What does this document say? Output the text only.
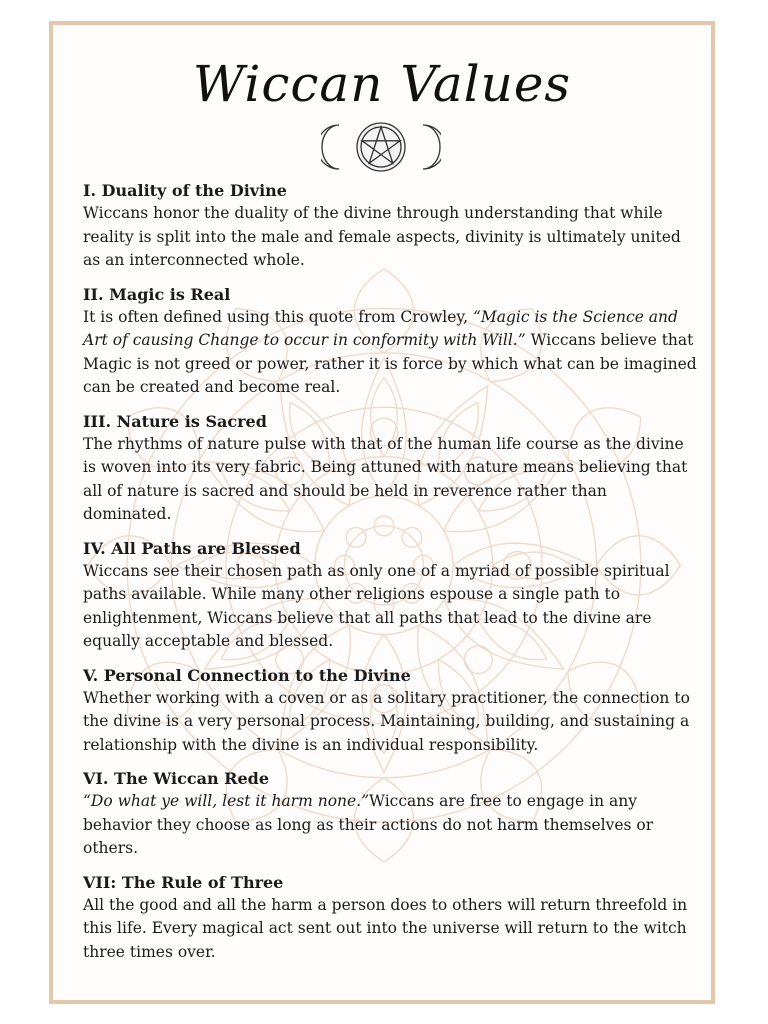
Wiccan Values
I. Duality of the Divine
Wiccans honor the duality of the divine through understanding that while reality is split into the male and female aspects, divinity is ultimately united as an interconnected whole.
II. Magic is Real
It is often defined using this quote from Crowley, “Magic is the Science and Art of causing Change to occur in conformity with Will.” Wiccans believe that Magic is not greed or power, rather it is force by which what can be imagined can be created and become real.
III. Nature is Sacred
The rhythms of nature pulse with that of the human life course as the divine is woven into its very fabric. Being attuned with nature means believing that all of nature is sacred and should be held in reverence rather than dominated.
IV. All Paths are Blessed
Wiccans see their chosen path as only one of a myriad of possible spiritual paths available. While many other religions espouse a single path to enlightenment, Wiccans believe that all paths that lead to the divine are equally acceptable and blessed.
V. Personal Connection to the Divine
Whether working with a coven or as a solitary practitioner, the connection to the divine is a very personal process. Maintaining, building, and sustaining a relationship with the divine is an individual responsibility.
VI. The Wiccan Rede
“Do what ye will, lest it harm none.”Wiccans are free to engage in any behavior they choose as long as their actions do not harm themselves or others.
VII: The Rule of Three
All the good and all the harm a person does to others will return threefold in this life. Every magical act sent out into the universe will return to the witch three times over.
